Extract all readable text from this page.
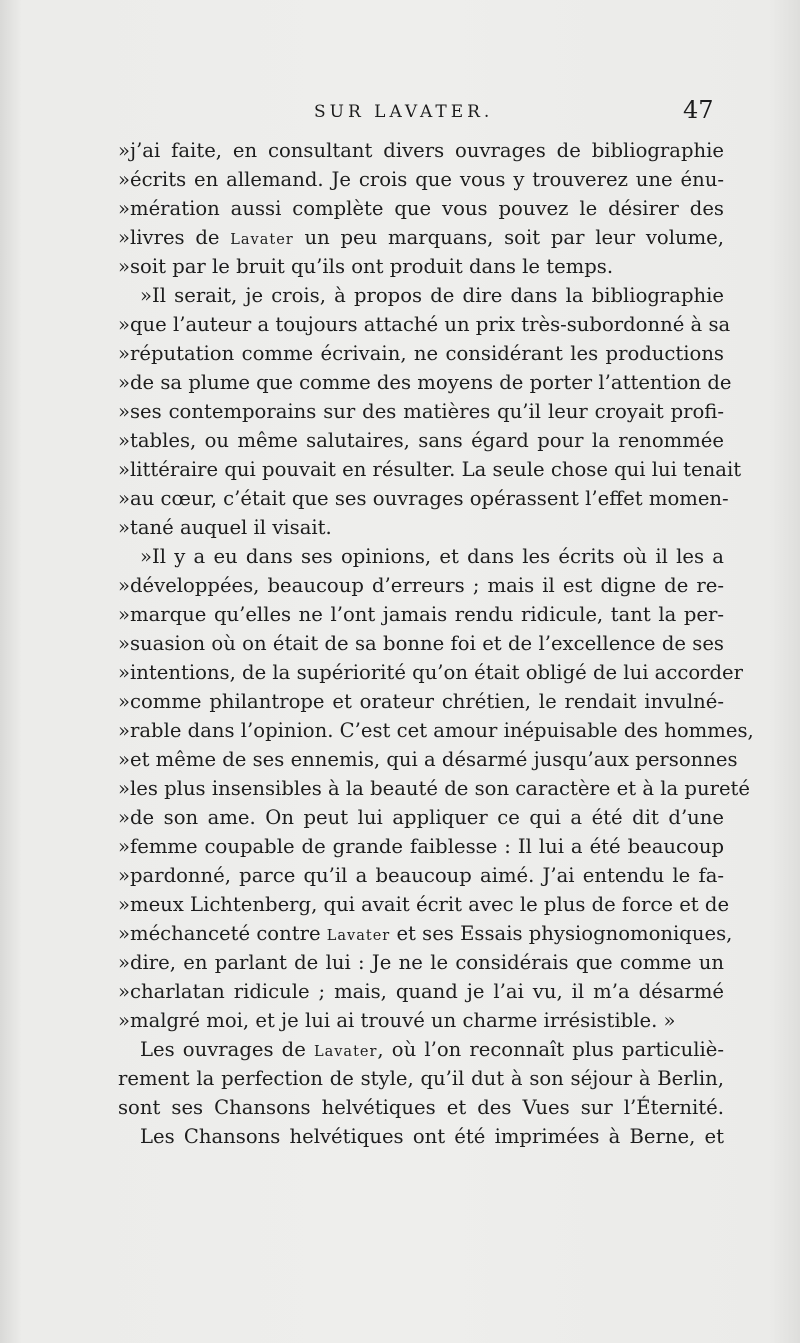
SUR LAVATER.	47
»j’ai faite, en consultant divers ouvrages de bibliographie
»écrits en allemand. Je crois que vous y trouverez une énu-
»mération aussi complète que vous pouvez le désirer des
»livres de Lavater un peu marquans, soit par leur volume,
»soit par le bruit qu’ils ont produit dans le temps.
»Il serait, je crois, à propos de dire dans la bibliographie
»que l’auteur a toujours attaché un prix très-subordonné à sa
»réputation comme écrivain, ne considérant les productions
»de sa plume que comme des moyens de porter l’attention de
»ses contemporains sur des matières qu’il leur croyait profi-
»tables, ou même salutaires, sans égard pour la renommée
»littéraire qui pouvait en résulter. La seule chose qui lui tenait
»au cœur, c’était que ses ouvrages opérassent l’effet momen-
»tané auquel il visait.
»Il y a eu dans ses opinions, et dans les écrits où il les a
»développées, beaucoup d’erreurs ; mais il est digne de re-
»marque qu’elles ne l’ont jamais rendu ridicule, tant la per-
»suasion où on était de sa bonne foi et de l’excellence de ses
»intentions, de la supériorité qu’on était obligé de lui accorder
»comme philantrope et orateur chrétien, le rendait invulné-
»rable dans l’opinion. C’est cet amour inépuisable des hommes,
»et même de ses ennemis, qui a désarmé jusqu’aux personnes
»les plus insensibles à la beauté de son caractère et à la pureté
»de son ame. On peut lui appliquer ce qui a été dit d’une
»femme coupable de grande faiblesse : Il lui a été beaucoup
»pardonné, parce qu’il a beaucoup aimé. J’ai entendu le fa-
»meux Lichtenberg, qui avait écrit avec le plus de force et de
»méchanceté contre Lavater et ses Essais physiognomoniques,
»dire, en parlant de lui : Je ne le considérais que comme un
»charlatan ridicule ; mais, quand je l’ai vu, il m’a désarmé
»malgré moi, et je lui ai trouvé un charme irrésistible. »
Les ouvrages de Lavater, où l’on reconnaît plus particuliè-
rement la perfection de style, qu’il dut à son séjour à Berlin,
sont ses Chansons helvétiques et des Vues sur l’Éternité.
Les Chansons helvétiques ont été imprimées à Berne, et
